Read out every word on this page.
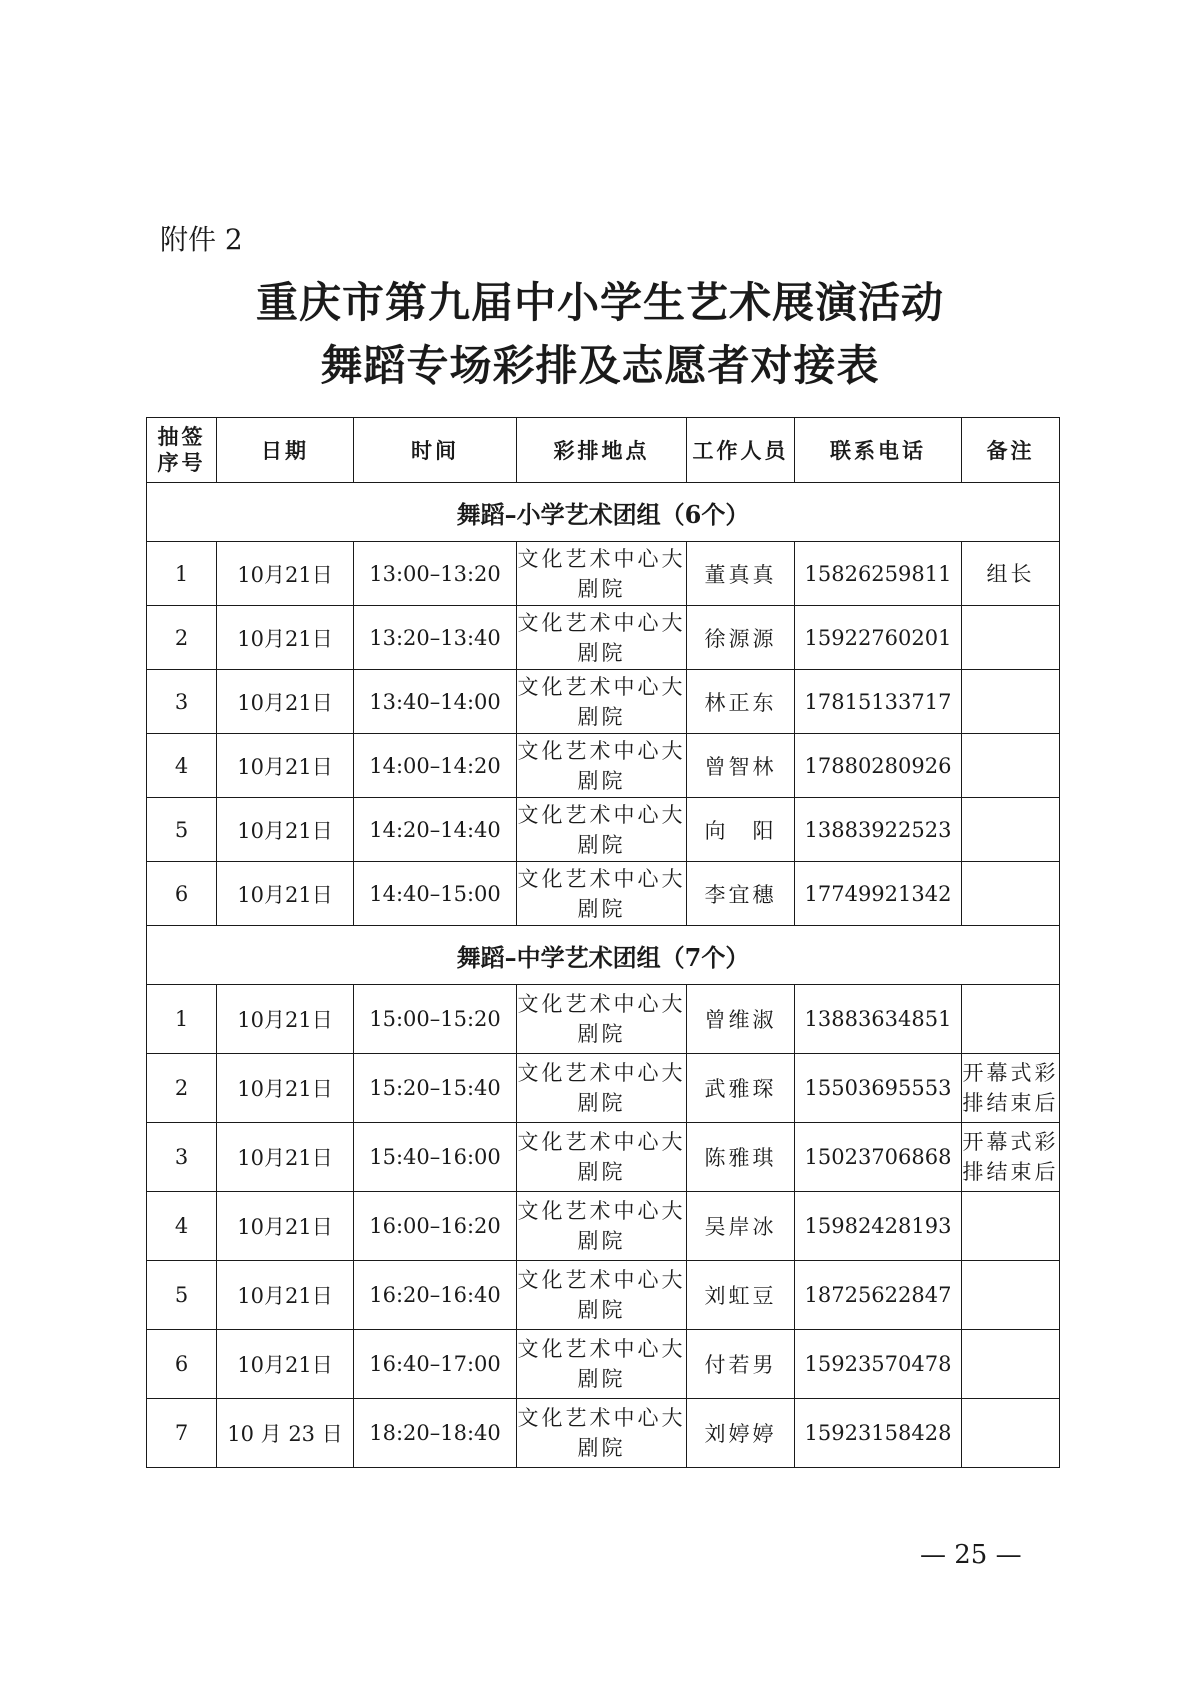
附件 2
重庆市第九届中小学生艺术展演活动
舞蹈专场彩排及志愿者对接表
抽签序号	日期	时间	彩排地点	工作人员	联系电话	备注
舞蹈–小学艺术团组（6个）						
1	10月21日	13:00–13:20	文化艺术中心大剧院	董真真	15826259811	组长
2	10月21日	13:20–13:40	文化艺术中心大剧院	徐源源	15922760201	
3	10月21日	13:40–14:00	文化艺术中心大剧院	林正东	17815133717	
4	10月21日	14:00–14:20	文化艺术中心大剧院	曾智林	17880280926	
5	10月21日	14:20–14:40	文化艺术中心大剧院	向　阳	13883922523	
6	10月21日	14:40–15:00	文化艺术中心大剧院	李宜穗	17749921342	
舞蹈–中学艺术团组（7个）						
1	10月21日	15:00–15:20	文化艺术中心大剧院	曾维淑	13883634851	
2	10月21日	15:20–15:40	文化艺术中心大剧院	武雅琛	15503695553	开幕式彩排结束后
3	10月21日	15:40–16:00	文化艺术中心大剧院	陈雅琪	15023706868	开幕式彩排结束后
4	10月21日	16:00–16:20	文化艺术中心大剧院	吴岸冰	15982428193	
5	10月21日	16:20–16:40	文化艺术中心大剧院	刘虹豆	18725622847	
6	10月21日	16:40–17:00	文化艺术中心大剧院	付若男	15923570478	
7	10 月 23 日	18:20–18:40	文化艺术中心大剧院	刘婷婷	15923158428	
— 25 —
